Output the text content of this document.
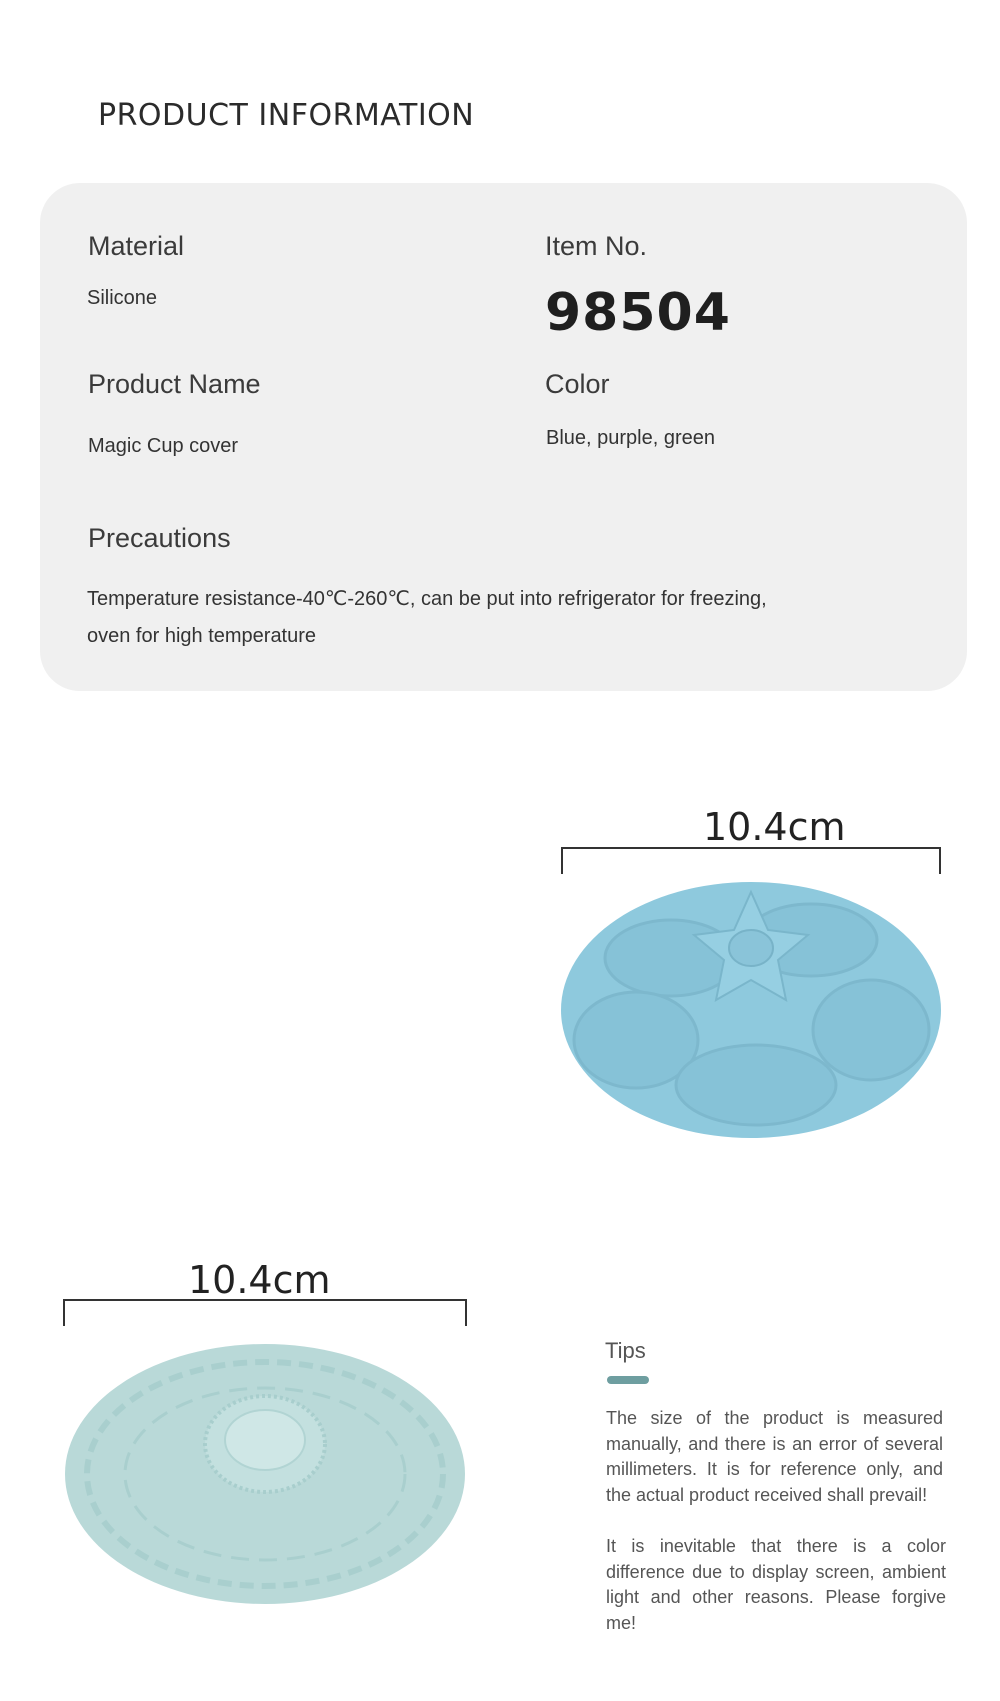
PRODUCT INFORMATION
Material
Silicone
Item No.
98504
Product Name
Magic Cup cover
Color
Blue, purple, green
Precautions
Temperature resistance-40℃-260℃, can be put into refrigerator for freezing,
oven for high temperature
10.4cm
10.4cm
Tips

The size of the product is measured manually, and there is an error of several millimeters. It is for reference only, and the actual product received shall prevail!

It is inevitable that there is a color difference due to display screen, ambient light and other reasons. Please forgive me!
